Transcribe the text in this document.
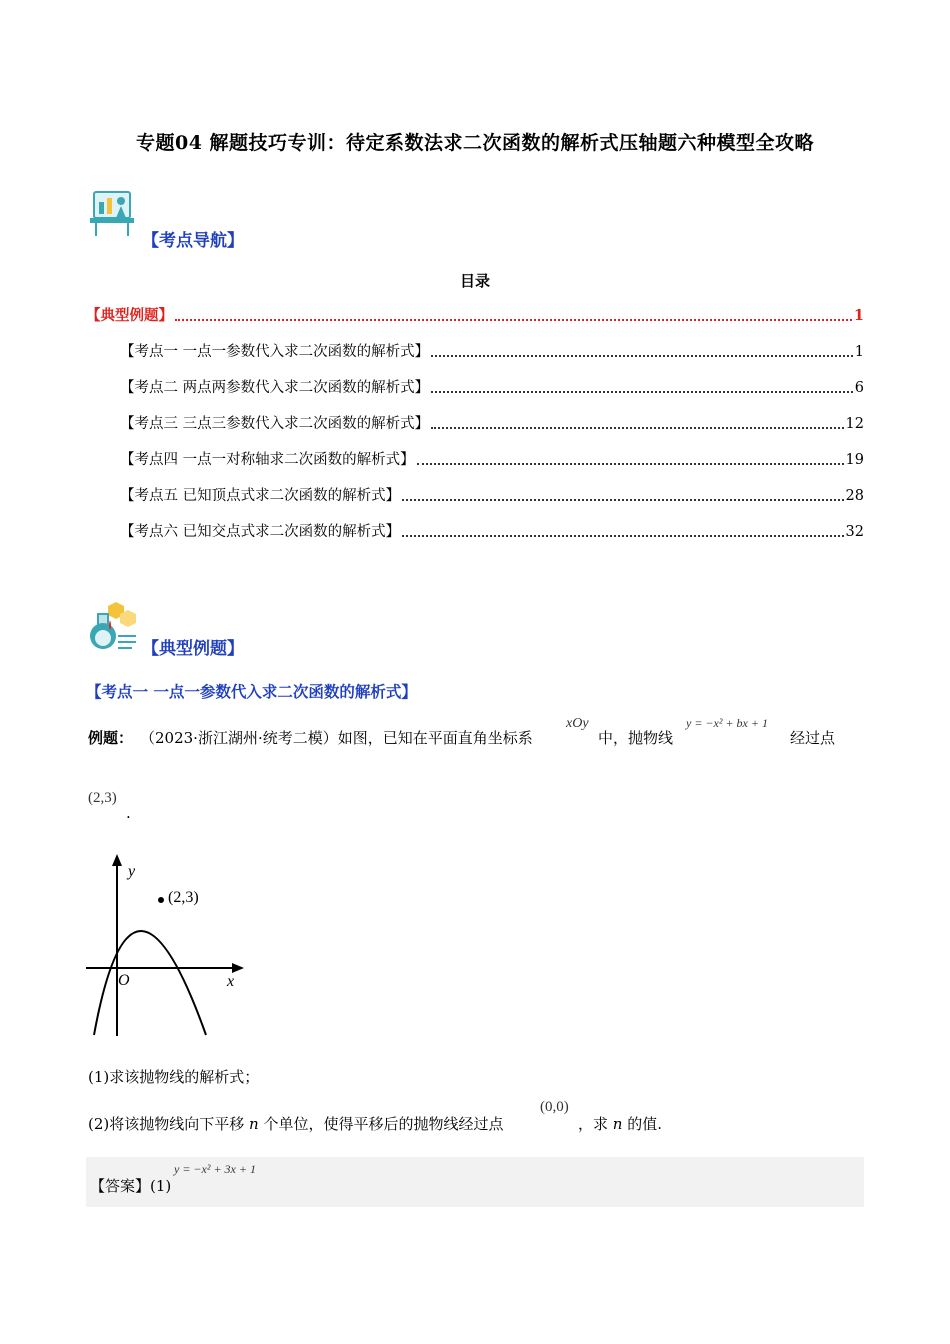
专题04 解题技巧专训：待定系数法求二次函数的解析式压轴题六种模型全攻略
【考点导航】
目录
【典型例题】	1
【考点一 一点一参数代入求二次函数的解析式】	1
【考点二 两点两参数代入求二次函数的解析式】	6
【考点三 三点三参数代入求二次函数的解析式】	12
【考点四 一点一对称轴求二次函数的解析式】	19
【考点五 已知顶点式求二次函数的解析式】	28
【考点六 已知交点式求二次函数的解析式】	32
【典型例题】
【考点一 一点一参数代入求二次函数的解析式】
例题： （2023·浙江湖州·统考二模）如图，已知在平面直角坐标系
xOy
中，抛物线
y = −x² + bx + 1
经过点
(2,3)
.
y
x
O
(2,3)
(1)求该抛物线的解析式；
(2)将该抛物线向下平移 n 个单位，使得平移后的抛物线经过点
(0,0)
，求 n 的值.
【答案】(1)
y = −x² + 3x + 1
